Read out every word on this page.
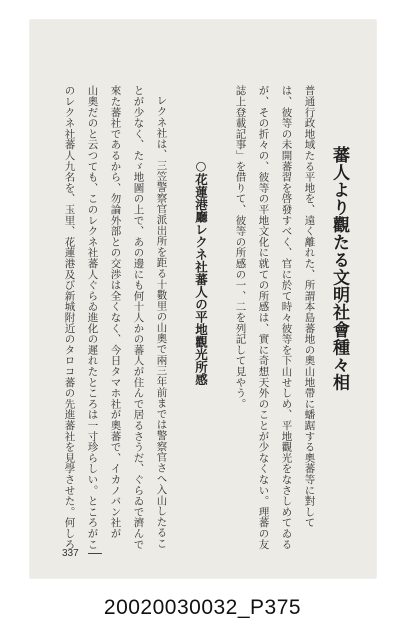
蕃人より觀たる文明社會種々相
普通行政地域たる平地を、遠く離れた、所謂本島蕃地の奧山地帶に蟠踞する奧蕃等に對して
は、彼等の未開蕃習を啓發すべく、官に於て時々彼等を下山せしめ、平地觀光をなさしめてゐる
が、その折々の、彼等の平地文化に就ての所感は、實に奇想天外のことが少なくない。理蕃の友
誌上登載記事」を借りて、彼等の所感の一、二を列記して見やう。
○花蓮港廳レクネ社蕃人の平地觀光所感
レクネ社は、三笠警察官派出所を距る十數里の山奧で兩三年前までは警察官さへ入山したるこ
とが少なく、たゞ地圖の上で、あの邊にも何十人かの蕃人が住んで居るさうだ、ぐらゐで濟んで
來た蕃社であるから、勿論外部との交渉は全くなく、今日タマホ社が奧蕃で、イカノバン社が
山奧だのと云つても、このレクネ社蕃人ぐらゐ進化の遲れたところは一寸珍らしい。ところがこ
のレクネ社蕃人九名を、玉里、花蓮港及び新城附近のタロコ蕃の先進蕃社を見學させた。何しろ
337
20020030032_P375
